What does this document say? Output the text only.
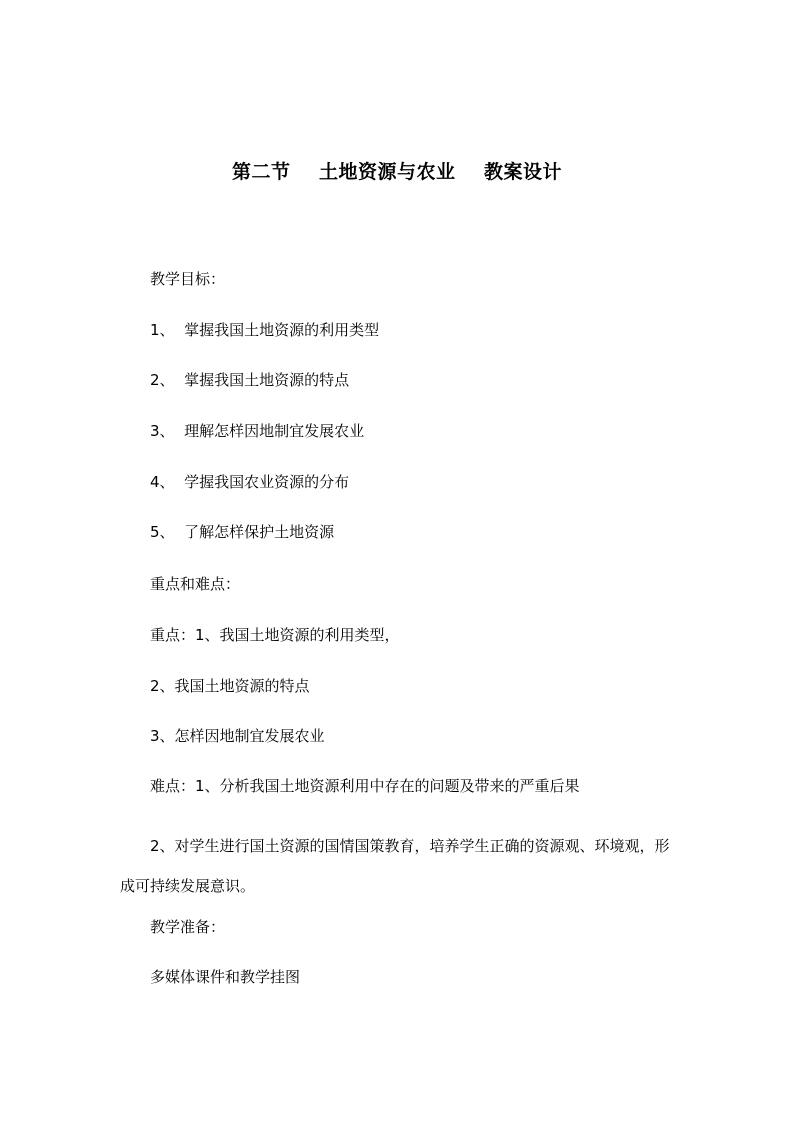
第二节    土地资源与农业    教案设计
教学目标：
1、  掌握我国土地资源的利用类型
2、  掌握我国土地资源的特点
3、  理解怎样因地制宜发展农业
4、  学握我国农业资源的分布
5、  了解怎样保护土地资源
重点和难点：
重点：1、我国土地资源的利用类型，
2、我国土地资源的特点
3、怎样因地制宜发展农业
难点：1、分析我国土地资源利用中存在的问题及带来的严重后果
2、对学生进行国土资源的国情国策教育，培养学生正确的资源观、环境观，形成可持续发展意识。
教学准备：
多媒体课件和教学挂图
